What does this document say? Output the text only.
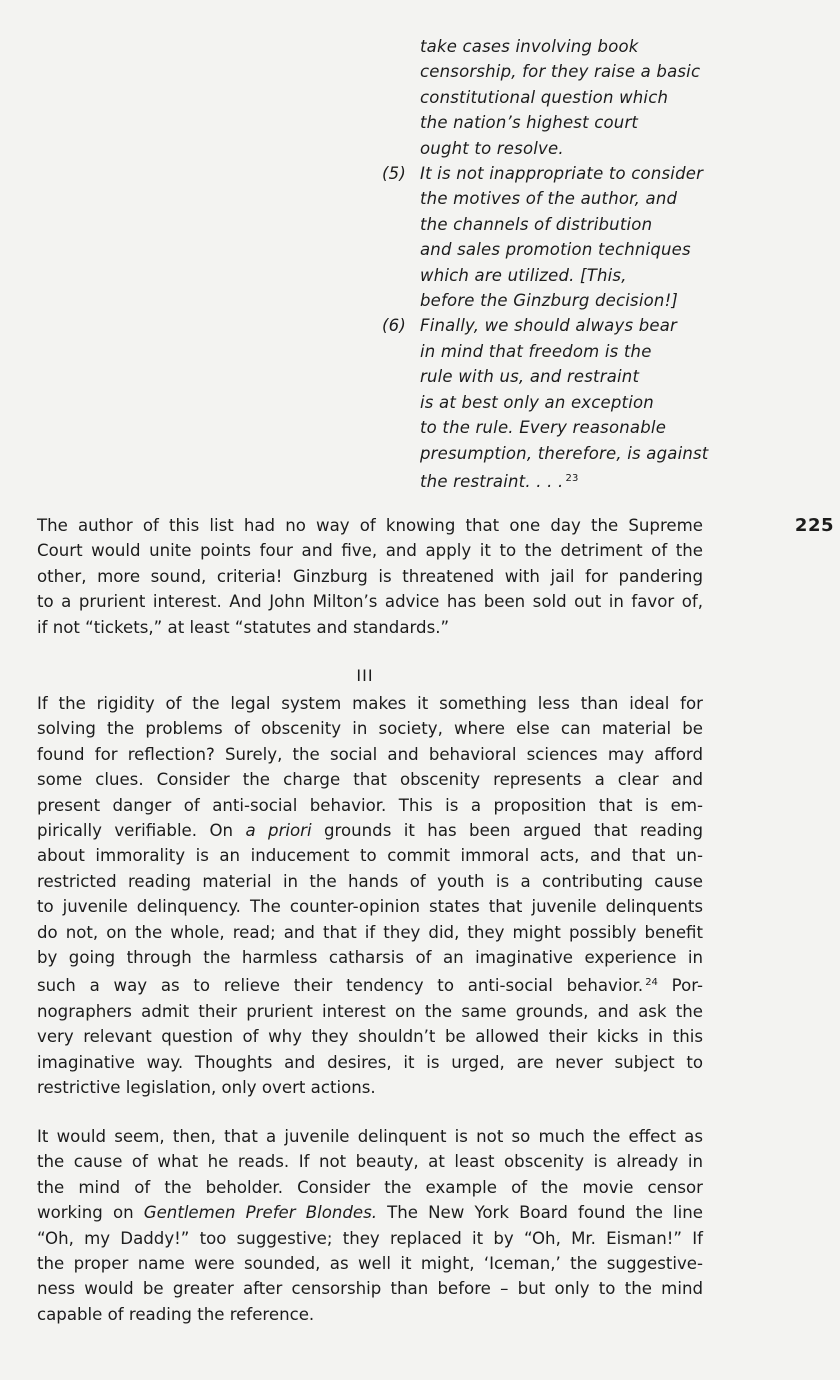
take cases involving book
censorship, for they raise a basic
constitutional question which
the nation’s highest court
ought to resolve.
(5) It is not inappropriate to consider
the motives of the author, and
the channels of distribution
and sales promotion techniques
which are utilized. [This,
before the Ginzburg decision!]
(6) Finally, we should always bear
in mind that freedom is the
rule with us, and restraint
is at best only an exception
to the rule. Every reasonable
presumption, therefore, is against
the restraint. . . . $^{23}$
225
The author of this list had no way of knowing that one day the Supreme
Court would unite points four and five, and apply it to the detriment of the
other, more sound, criteria! Ginzburg is threatened with jail for pandering
to a prurient interest. And John Milton’s advice has been sold out in favor of,
if not “tickets,” at least “statutes and standards.”
III
If the rigidity of the legal system makes it something less than ideal for
solving the problems of obscenity in society, where else can material be
found for reflection? Surely, the social and behavioral sciences may afford
some clues. Consider the charge that obscenity represents a clear and
present danger of anti-social behavior. This is a proposition that is em-
pirically verifiable. On a priori grounds it has been argued that reading
about immorality is an inducement to commit immoral acts, and that un-
restricted reading material in the hands of youth is a contributing cause
to juvenile delinquency. The counter-opinion states that juvenile delinquents
do not, on the whole, read; and that if they did, they might possibly benefit
by going through the harmless catharsis of an imaginative experience in
such a way as to relieve their tendency to anti-social behavior. $^{24}$ Por-
nographers admit their prurient interest on the same grounds, and ask the
very relevant question of why they shouldn’t be allowed their kicks in this
imaginative way. Thoughts and desires, it is urged, are never subject to
restrictive legislation, only overt actions.
It would seem, then, that a juvenile delinquent is not so much the effect as
the cause of what he reads. If not beauty, at least obscenity is already in
the mind of the beholder. Consider the example of the movie censor
working on Gentlemen Prefer Blondes. The New York Board found the line
“Oh, my Daddy!” too suggestive; they replaced it by “Oh, Mr. Eisman!” If
the proper name were sounded, as well it might, ‘Iceman,’ the suggestive-
ness would be greater after censorship than before – but only to the mind
capable of reading the reference.
